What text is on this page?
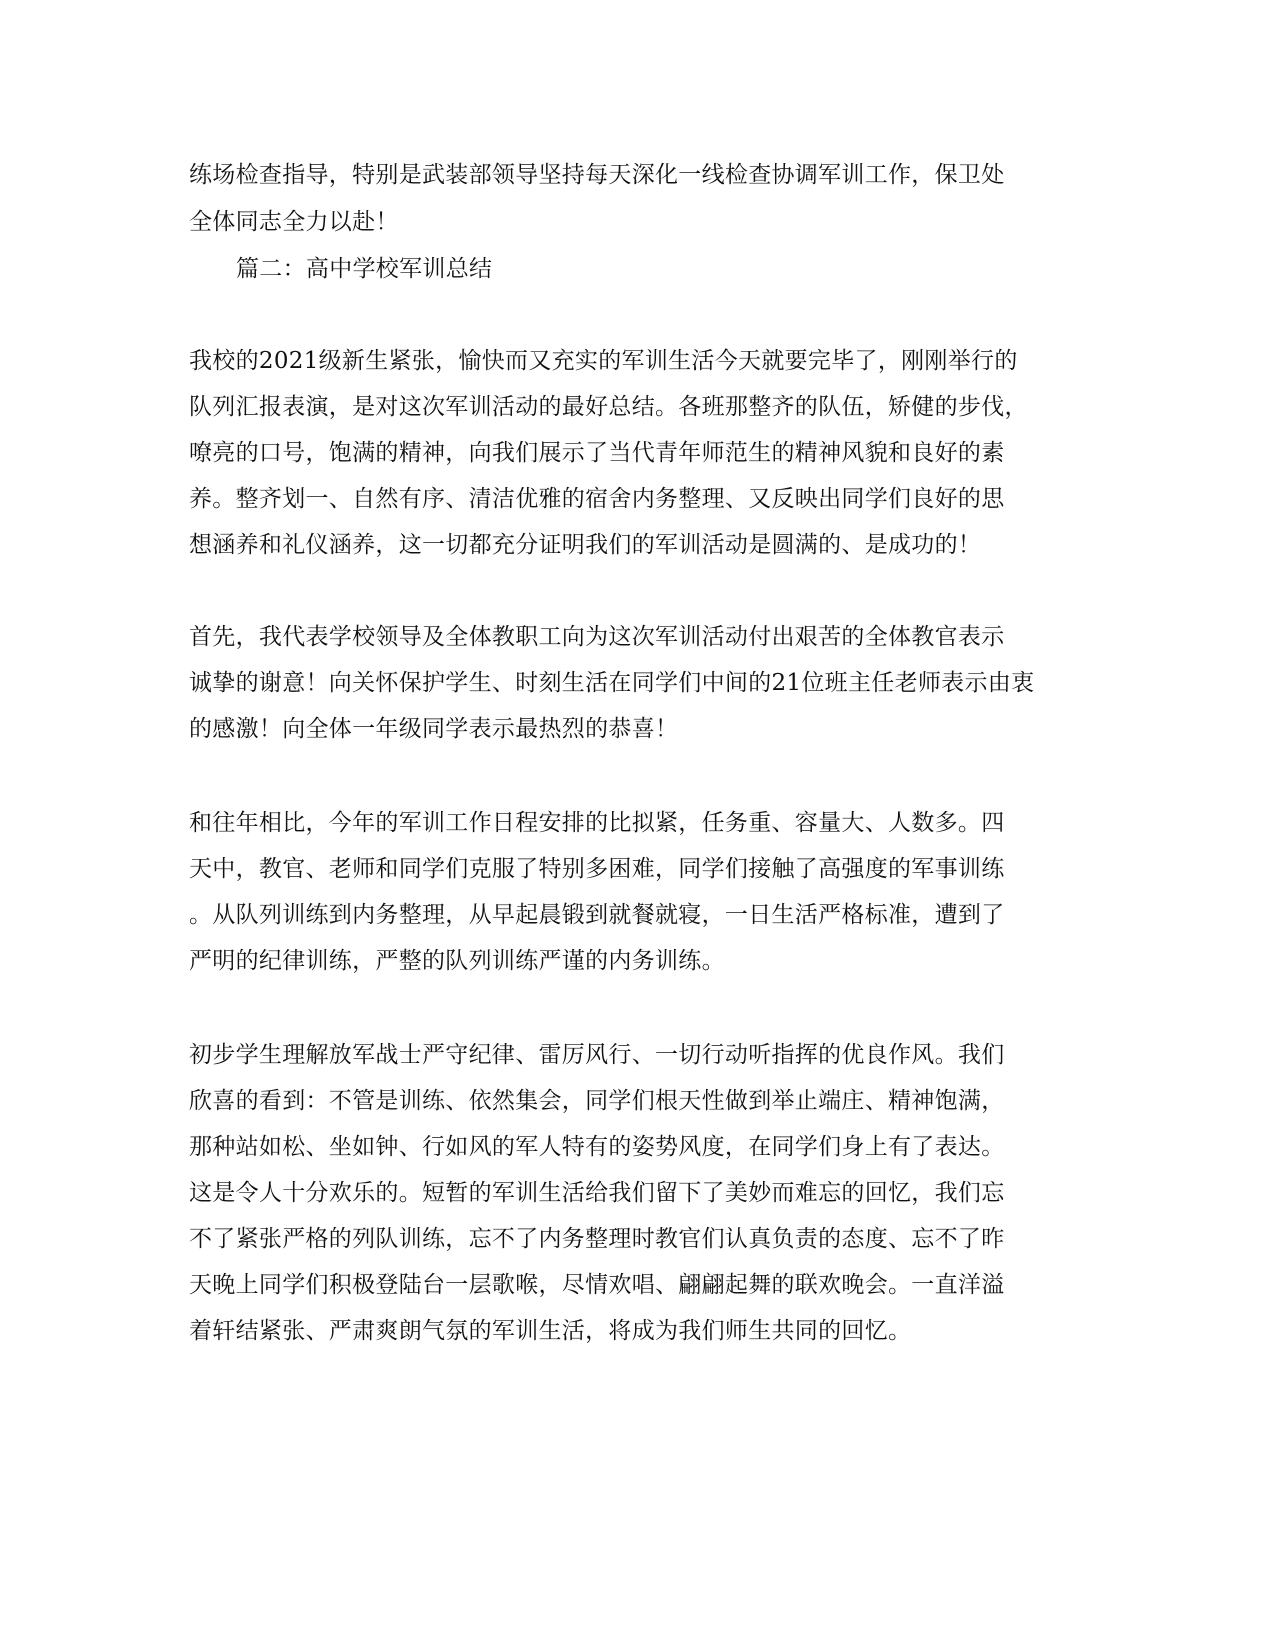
练场检查指导，特别是武装部领导坚持每天深化一线检查协调军训工作，保卫处
全体同志全力以赴！
篇二：高中学校军训总结
我校的2021级新生紧张，愉快而又充实的军训生活今天就要完毕了，刚刚举行的
队列汇报表演，是对这次军训活动的最好总结。各班那整齐的队伍，矫健的步伐，
嘹亮的口号，饱满的精神，向我们展示了当代青年师范生的精神风貌和良好的素
养。整齐划一、自然有序、清洁优雅的宿舍内务整理、又反映出同学们良好的思
想涵养和礼仪涵养，这一切都充分证明我们的军训活动是圆满的、是成功的！
首先，我代表学校领导及全体教职工向为这次军训活动付出艰苦的全体教官表示
诚挚的谢意！向关怀保护学生、时刻生活在同学们中间的21位班主任老师表示由衷
的感激！向全体一年级同学表示最热烈的恭喜！
和往年相比，今年的军训工作日程安排的比拟紧，任务重、容量大、人数多。四
天中，教官、老师和同学们克服了特别多困难，同学们接触了高强度的军事训练
。从队列训练到内务整理，从早起晨锻到就餐就寝，一日生活严格标准，遭到了
严明的纪律训练，严整的队列训练严谨的内务训练。
初步学生理解放军战士严守纪律、雷厉风行、一切行动听指挥的优良作风。我们
欣喜的看到：不管是训练、依然集会，同学们根天性做到举止端庄、精神饱满，
那种站如松、坐如钟、行如风的军人特有的姿势风度，在同学们身上有了表达。
这是令人十分欢乐的。短暂的军训生活给我们留下了美妙而难忘的回忆，我们忘
不了紧张严格的列队训练，忘不了内务整理时教官们认真负责的态度、忘不了昨
天晚上同学们积极登陆台一层歌喉，尽情欢唱、翩翩起舞的联欢晚会。一直洋溢
着轩结紧张、严肃爽朗气氛的军训生活，将成为我们师生共同的回忆。
